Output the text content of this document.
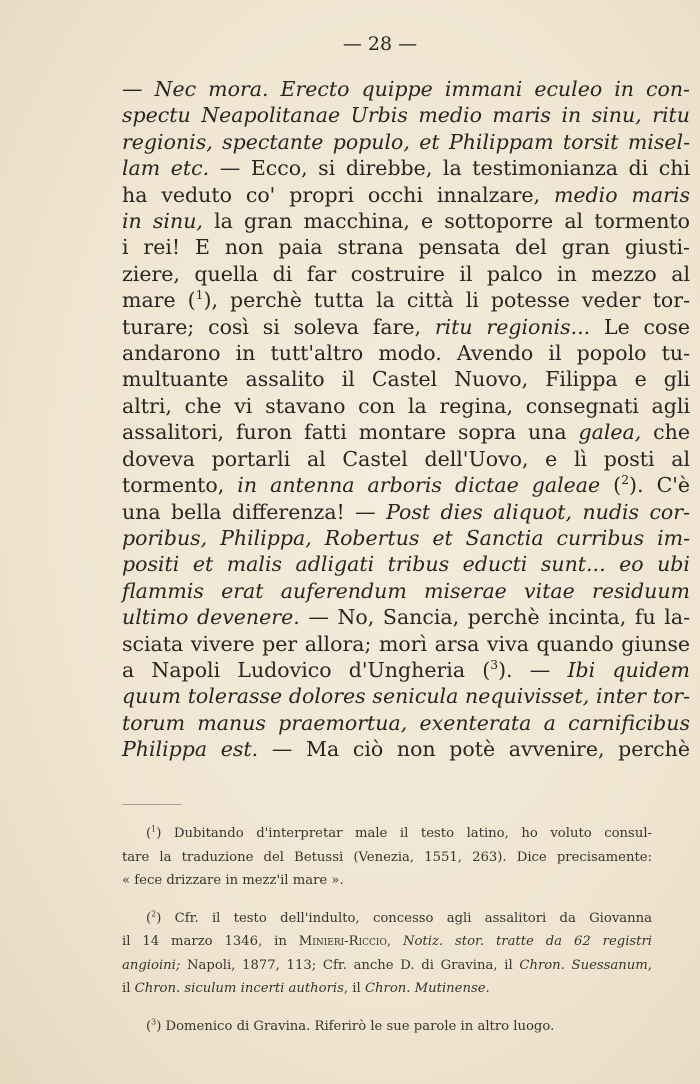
— 28 —
— Nec mora. Erecto quippe immani eculeo in con-
spectu Neapolitanae Urbis medio maris in sinu, ritu
regionis, spectante populo, et Philippam torsit misel-
lam etc. — Ecco, si direbbe, la testimonianza di chi
ha veduto co' propri occhi innalzare, medio maris
in sinu, la gran macchina, e sottoporre al tormento
i rei! E non paia strana pensata del gran giusti-
ziere, quella di far costruire il palco in mezzo al
mare ($^1$), perchè tutta la città li potesse veder tor-
turare; così si soleva fare, ritu regionis... Le cose
andarono in tutt'altro modo. Avendo il popolo tu-
multuante assalito il Castel Nuovo, Filippa e gli
altri, che vi stavano con la regina, consegnati agli
assalitori, furon fatti montare sopra una galea, che
doveva portarli al Castel dell'Uovo, e lì posti al
tormento, in antenna arboris dictae galeae ($^2$). C'è
una bella differenza! — Post dies aliquot, nudis cor-
poribus, Philippa, Robertus et Sanctia curribus im-
positi et malis adligati tribus educti sunt... eo ubi
flammis erat auferendum miserae vitae residuum
ultimo devenere. — No, Sancia, perchè incinta, fu la-
sciata vivere per allora; morì arsa viva quando giunse
a Napoli Ludovico d'Ungheria ($^3$). — Ibi quidem
quum tolerasse dolores senicula nequivisset, inter tor-
torum manus praemortua, exenterata a carnificibus
Philippa est. — Ma ciò non potè avvenire, perchè
($^1$) Dubitando d'interpretar male il testo latino, ho voluto consul-
tare la traduzione del Betussi (Venezia, 1551, 263). Dice precisamente:
« fece drizzare in mezz'il mare ».
($^2$) Cfr. il testo dell'indulto, concesso agli assalitori da Giovanna
il 14 marzo 1346, in Minieri-Riccio, Notiz. stor. tratte da 62 registri
angioini; Napoli, 1877, 113; Cfr. anche D. di Gravina, il Chron. Suessanum,
il Chron. siculum incerti authoris, il Chron. Mutinense.
($^3$) Domenico di Gravina. Riferirò le sue parole in altro luogo.
